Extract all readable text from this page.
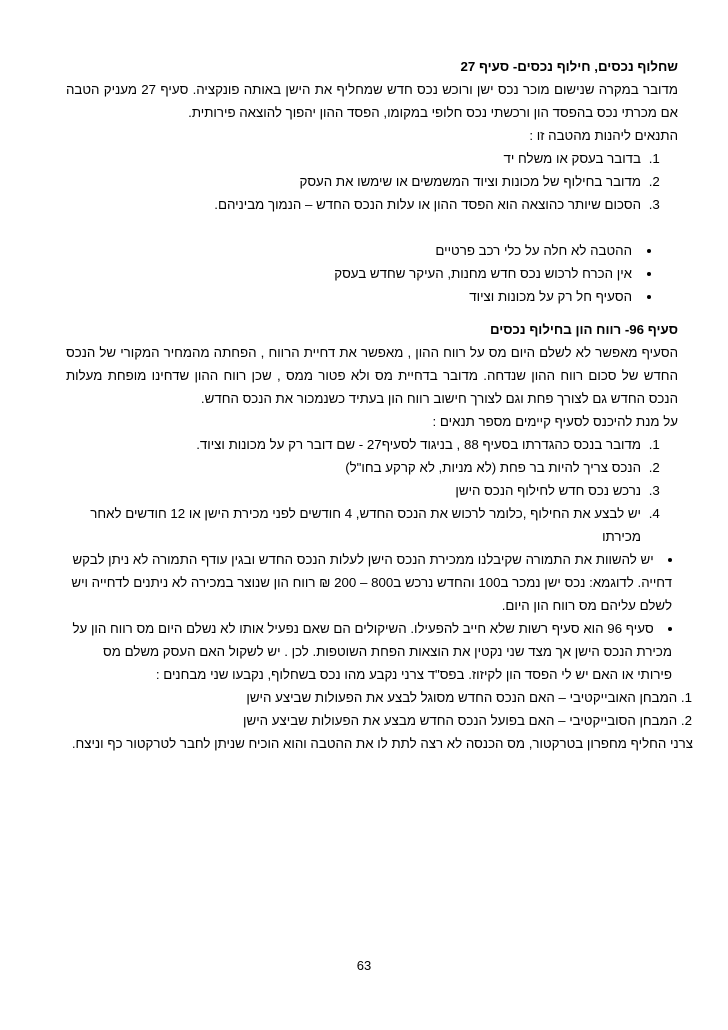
שחלוף נכסים, חילוף נכסים- סעיף 27

מדובר במקרה שנישום מוכר נכס ישן ורוכש נכס חדש שמחליף את הישן באותה פונקציה. סעיף 27 מעניק הטבה אם מכרתי נכס בהפסד הון ורכשתי נכס חלופי במקומו, הפסד ההון יהפוך להוצאה פירותית.

התנאים ליהנות מהטבה זו :

1. בדובר בעסק או משלח יד
2. מדובר בחילוף של מכונות וציוד המשמשים או שימשו את העסק
3. הסכום שיותר כהוצאה הוא הפסד ההון או עלות הנכס החדש – הנמוך מביניהם.
• ההטבה לא חלה על כלי רכב פרטיים
• אין הכרח לרכוש נכס חדש מחנות, העיקר שחדש בעסק
• הסעיף חל רק על מכונות וציוד
סעיף 96- רווח הון בחילוף נכסים

הסעיף מאפשר לא לשלם היום מס על רווח ההון , מאפשר את דחיית הרווח , הפחתה מהמחיר המקורי של הנכס החדש של סכום רווח ההון שנדחה. מדובר בדחיית מס ולא פטור ממס , שכן רווח ההון שדחינו מופחת מעלות הנכס החדש גם לצורך פחת וגם לצורך חישוב רווח הון בעתיד כשנמכור את הנכס החדש.

על מנת להיכנס לסעיף קיימים מספר תנאים :

1. מדובר בנכס כהגדרתו בסעיף 88 , בניגוד לסעיף27 - שם דובר רק על מכונות וציוד.
2. הנכס צריך להיות בר פחת (לא מניות, לא קרקע בחו"ל)
3. נרכש נכס חדש לחילוף הנכס הישן
4. יש לבצע את החילוף ,כלומר לרכוש את הנכס החדש, 4 חודשים לפני מכירת הישן או 12 חודשים לאחר מכירתו
• יש להשוות את התמורה שקיבלנו ממכירת הנכס הישן לעלות הנכס החדש ובגין עודף התמורה לא ניתן לבקש דחייה. לדוגמא: נכס ישן נמכר ב100 והחדש נרכש ב800 – 200 ₪ רווח הון שנוצר במכירה לא ניתנים לדחייה ויש לשלם עליהם מס רווח הון היום.
• סעיף 96 הוא סעיף רשות שלא חייב להפעילו. השיקולים הם שאם נפעיל אותו לא נשלם היום מס רווח הון על מכירת הנכס הישן אך מצד שני נקטין את הוצאות הפחת השוטפות. לכן . יש לשקול האם העסק משלם מס פירותי או האם יש לי הפסד הון לקיזוז. בפס"ד צרני נקבע מהו נכס בשחלוף, נקבעו שני מבחנים :
1. המבחן האובייקטיבי – האם הנכס החדש מסוגל לבצע את הפעולות שביצע הישן
2. המבחן הסובייקטיבי – האם בפועל הנכס החדש מבצע את הפעולות שביצע הישן

צרני החליף מחפרון בטרקטור, מס הכנסה לא רצה לתת לו את ההטבה והוא הוכיח שניתן לחבר לטרקטור כף וניצח.

63
